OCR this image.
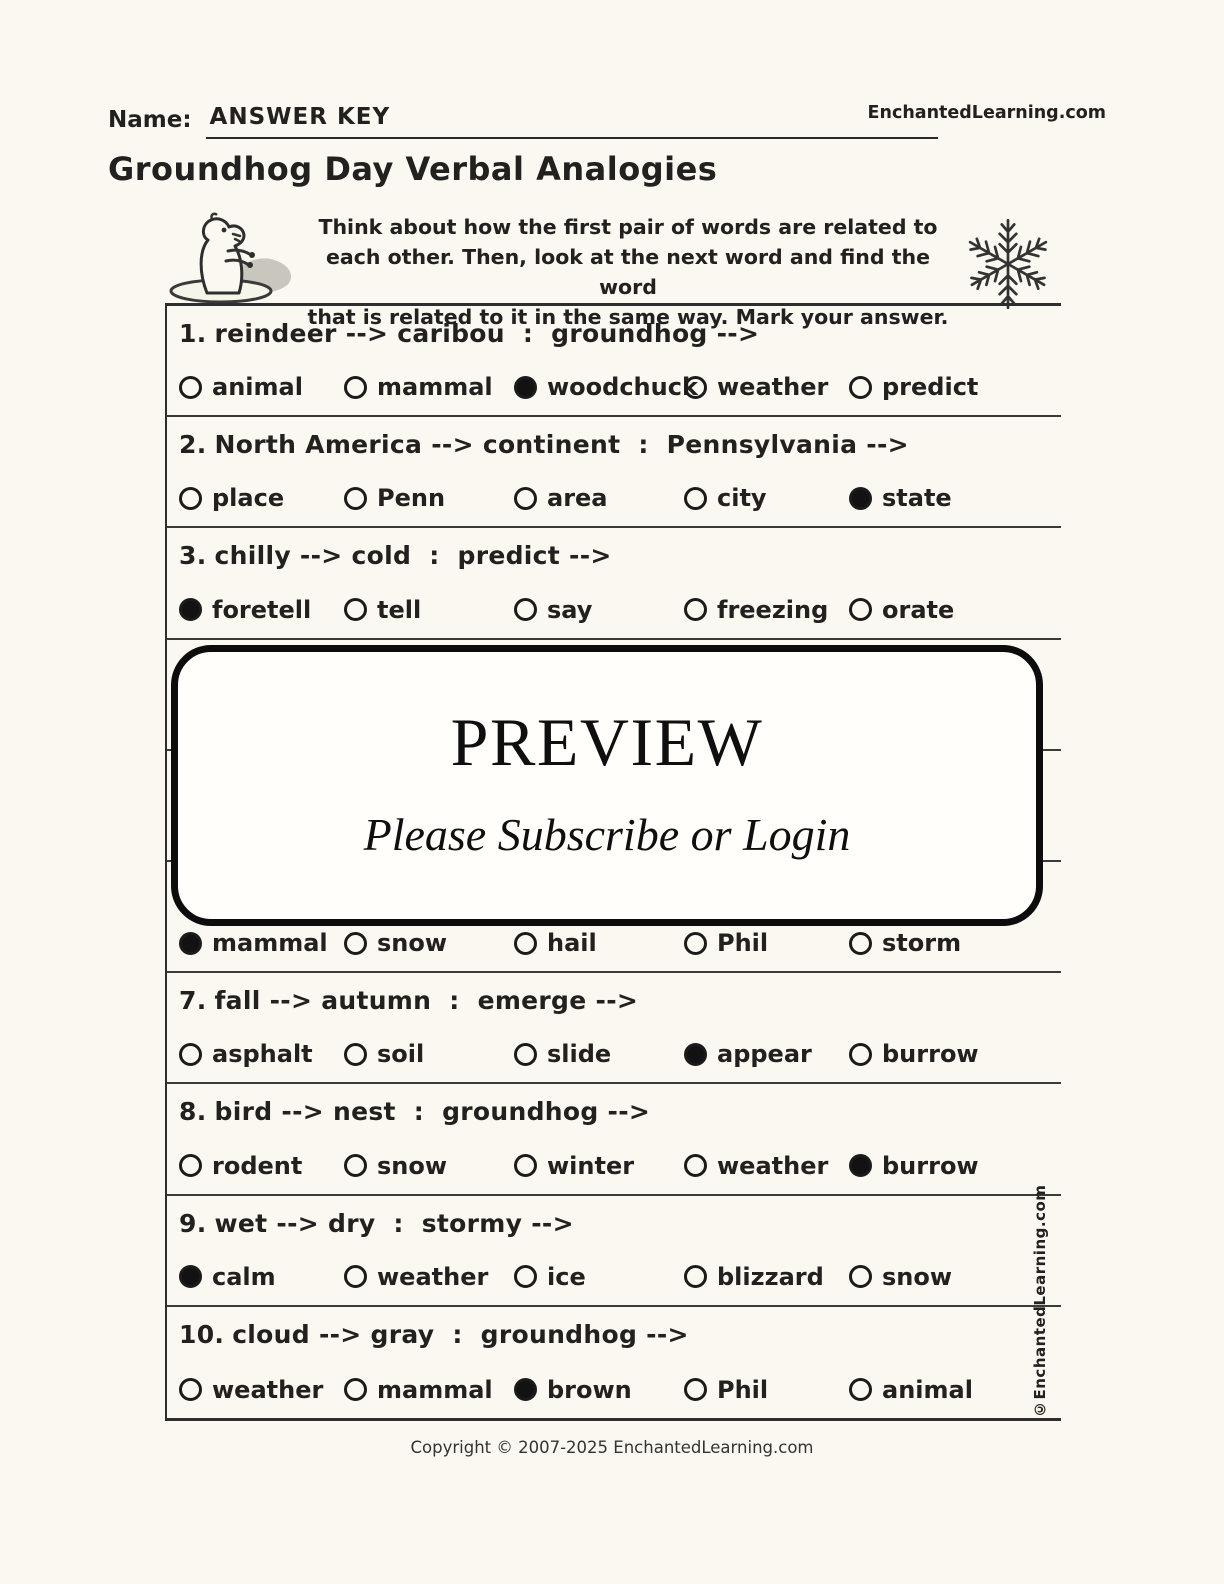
Name: ANSWER KEY	EnchantedLearning.com
Groundhog Day Verbal Analogies
Think about how the first pair of words are related to
each other. Then, look at the next word and find the word
that is related to it in the same way. Mark your answer.
1. reindeer --> caribou  :  groundhog -->
animal	mammal woodchuck weather predict
2. North America --> continent  :  Pennsylvania -->
place	Penn	area	city	state
3. chilly --> cold  :  predict -->
foretell	tell	say	freezing orate
mammal snow	hail	Phil	storm
7. fall --> autumn  :  emerge -->
asphalt	soil	slide	appear	burrow
8. bird --> nest  :  groundhog -->
rodent	snow	winter	weather burrow
9. wet --> dry  :  stormy -->
calm	weather ice	blizzard snow
10. cloud --> gray  :  groundhog -->
weather mammal brown	Phil	animal
PREVIEW
Please Subscribe or Login
©EnchantedLearning.com
Copyright © 2007-2025 EnchantedLearning.com
